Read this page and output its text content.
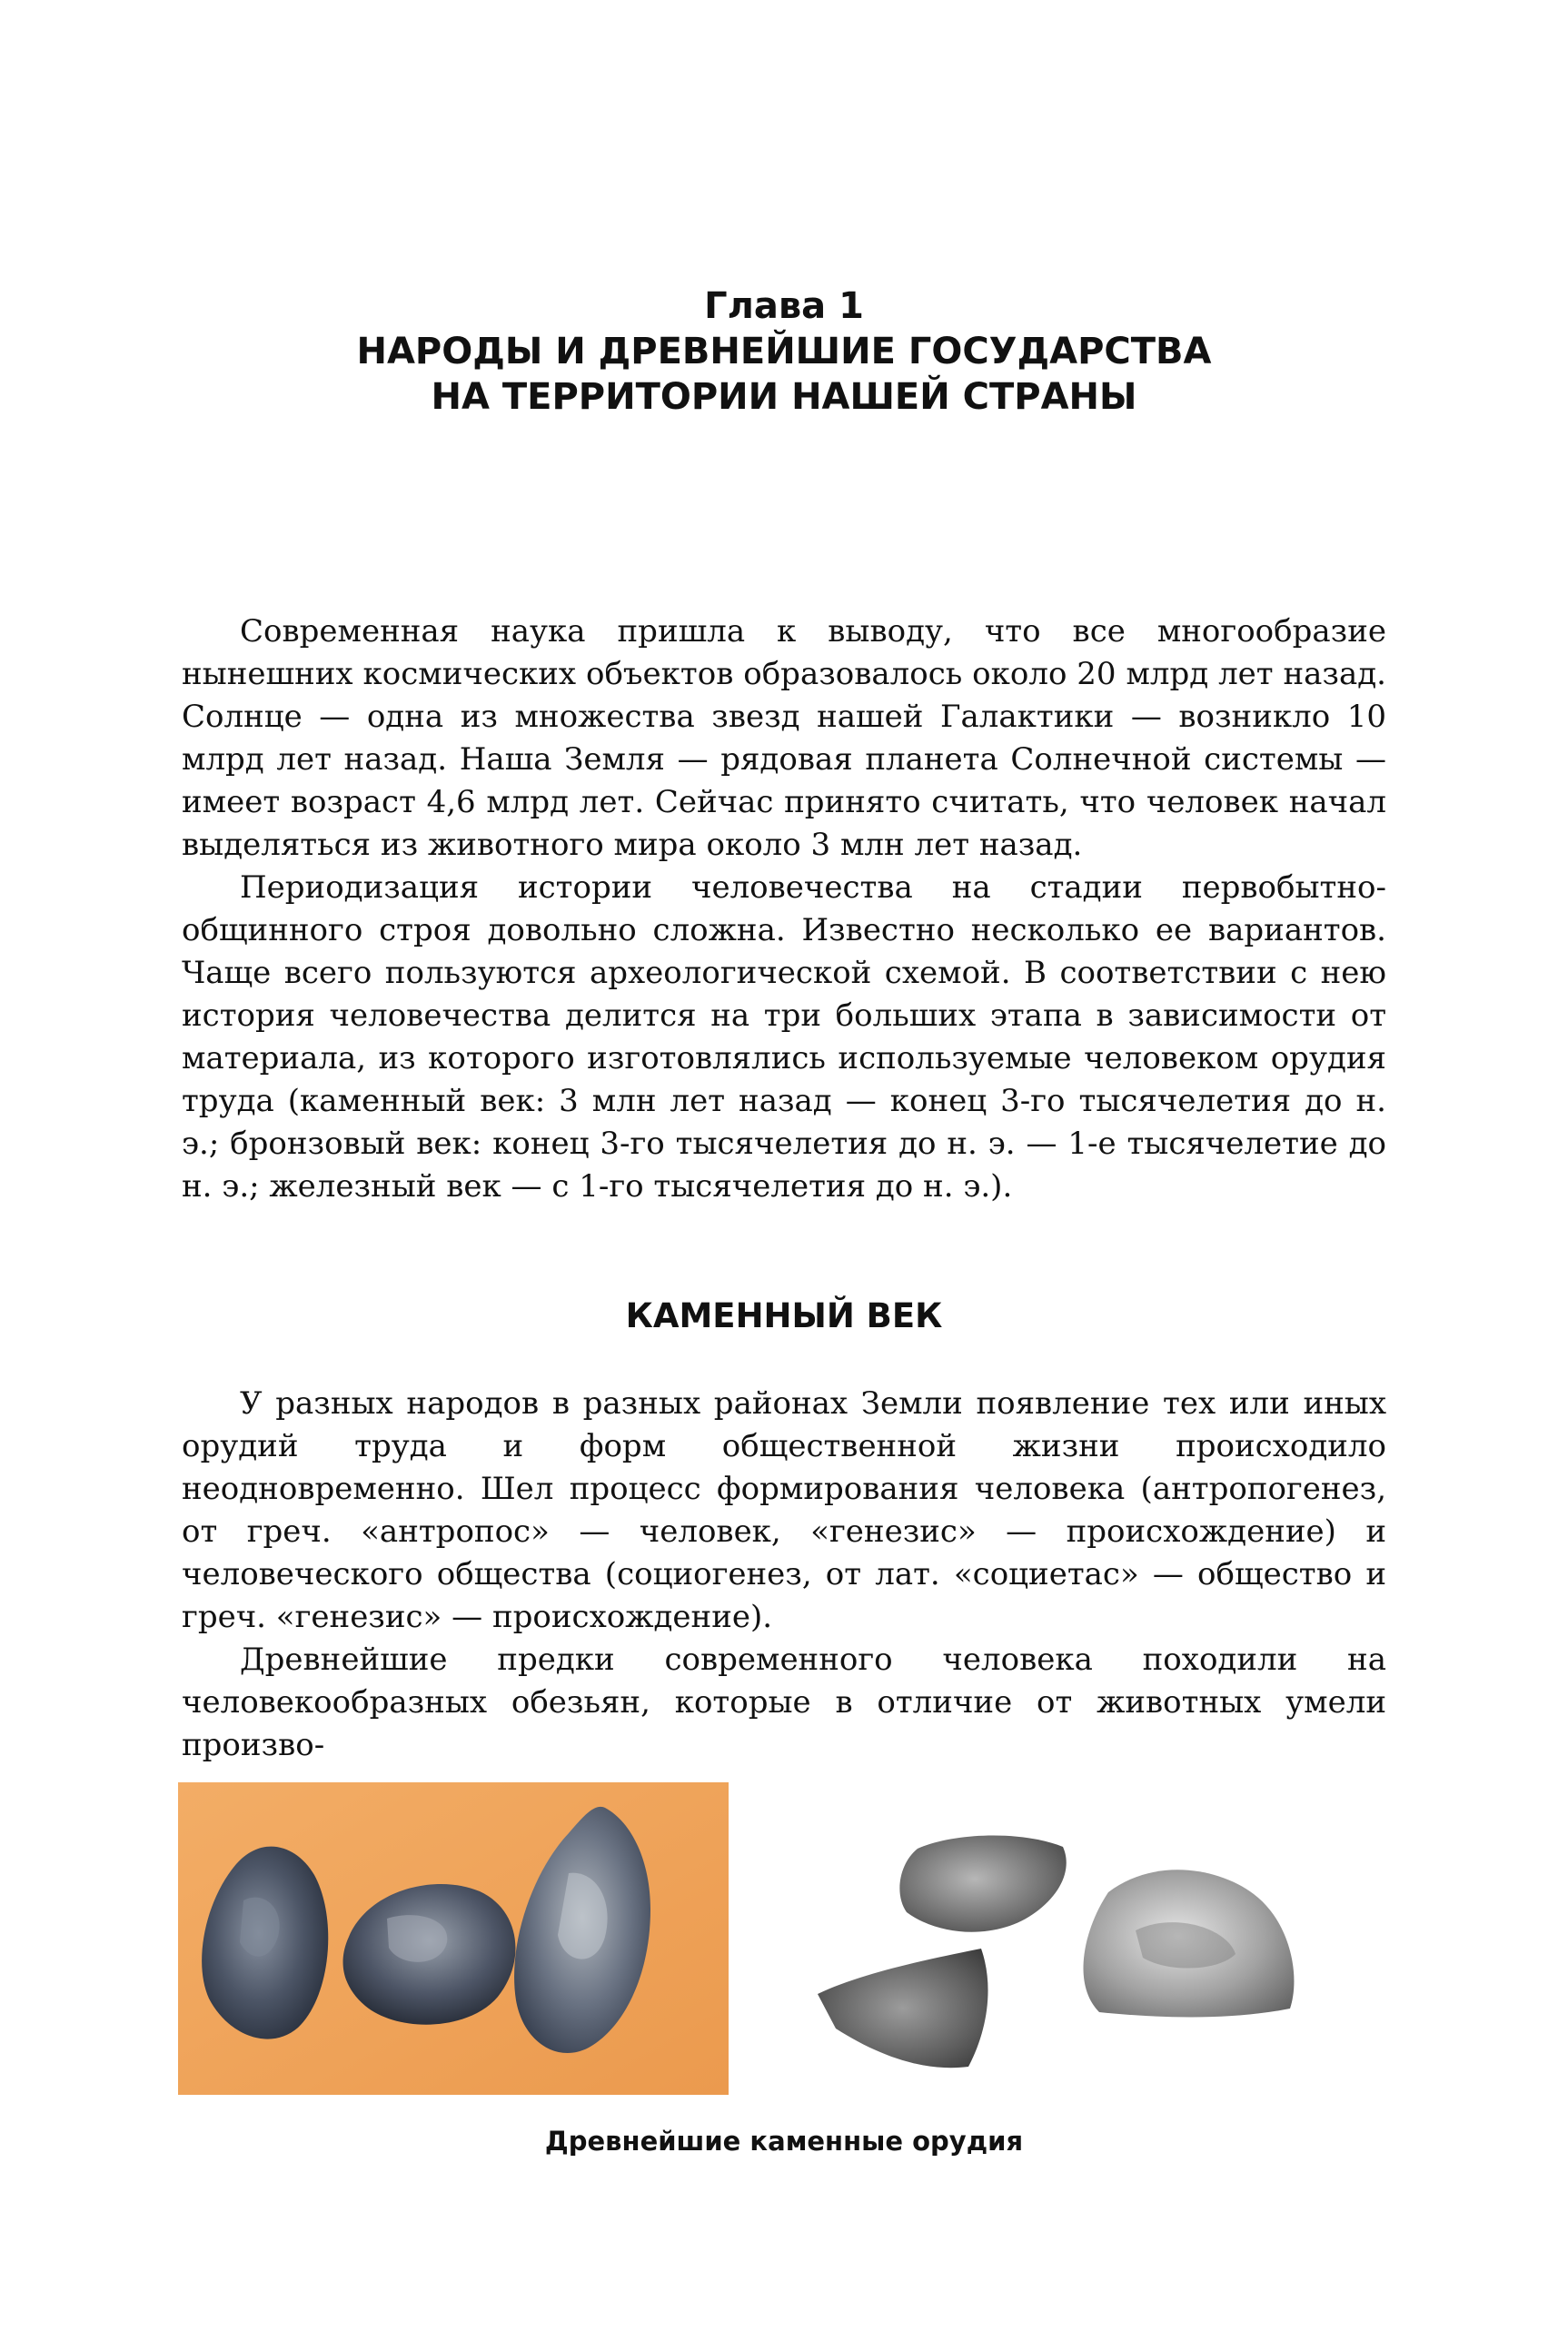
Глава 1
НАРОДЫ И ДРЕВНЕЙШИЕ ГОСУДАРСТВА
НА ТЕРРИТОРИИ НАШЕЙ СТРАНЫ

Современная наука пришла к выводу, что все многообразие нынешних космических объектов образовалось около 20 млрд лет назад. Солнце — одна из множества звезд нашей Галактики — возникло 10 млрд лет назад. Наша Земля — рядовая планета Солнечной системы — имеет возраст 4,6 млрд лет. Сейчас принято считать, что человек начал выделяться из животного мира около 3 млн лет назад.

Периодизация истории человечества на стадии первобытно-общинного строя довольно сложна. Известно несколько ее вариантов. Чаще всего пользуются археологической схемой. В соответствии с нею история человечества делится на три больших этапа в зависимости от материала, из которого изготовлялись используемые человеком орудия труда (каменный век: 3 млн лет назад — конец 3-го тысячелетия до н. э.; бронзовый век: конец 3-го тысячелетия до н. э. — 1-е тысячелетие до н. э.; железный век — с 1-го тысячелетия до н. э.).

КАМЕННЫЙ ВЕК

У разных народов в разных районах Земли появление тех или иных орудий труда и форм общественной жизни происходило неодновременно. Шел процесс формирования человека (антропогенез, от греч. «антропос» — человек, «генезис» — происхождение) и человеческого общества (социогенез, от лат. «социетас» — общество и греч. «генезис» — происхождение).

Древнейшие предки современного человека походили на человекообразных обезьян, которые в отличие от животных умели произво-

Древнейшие каменные орудия
